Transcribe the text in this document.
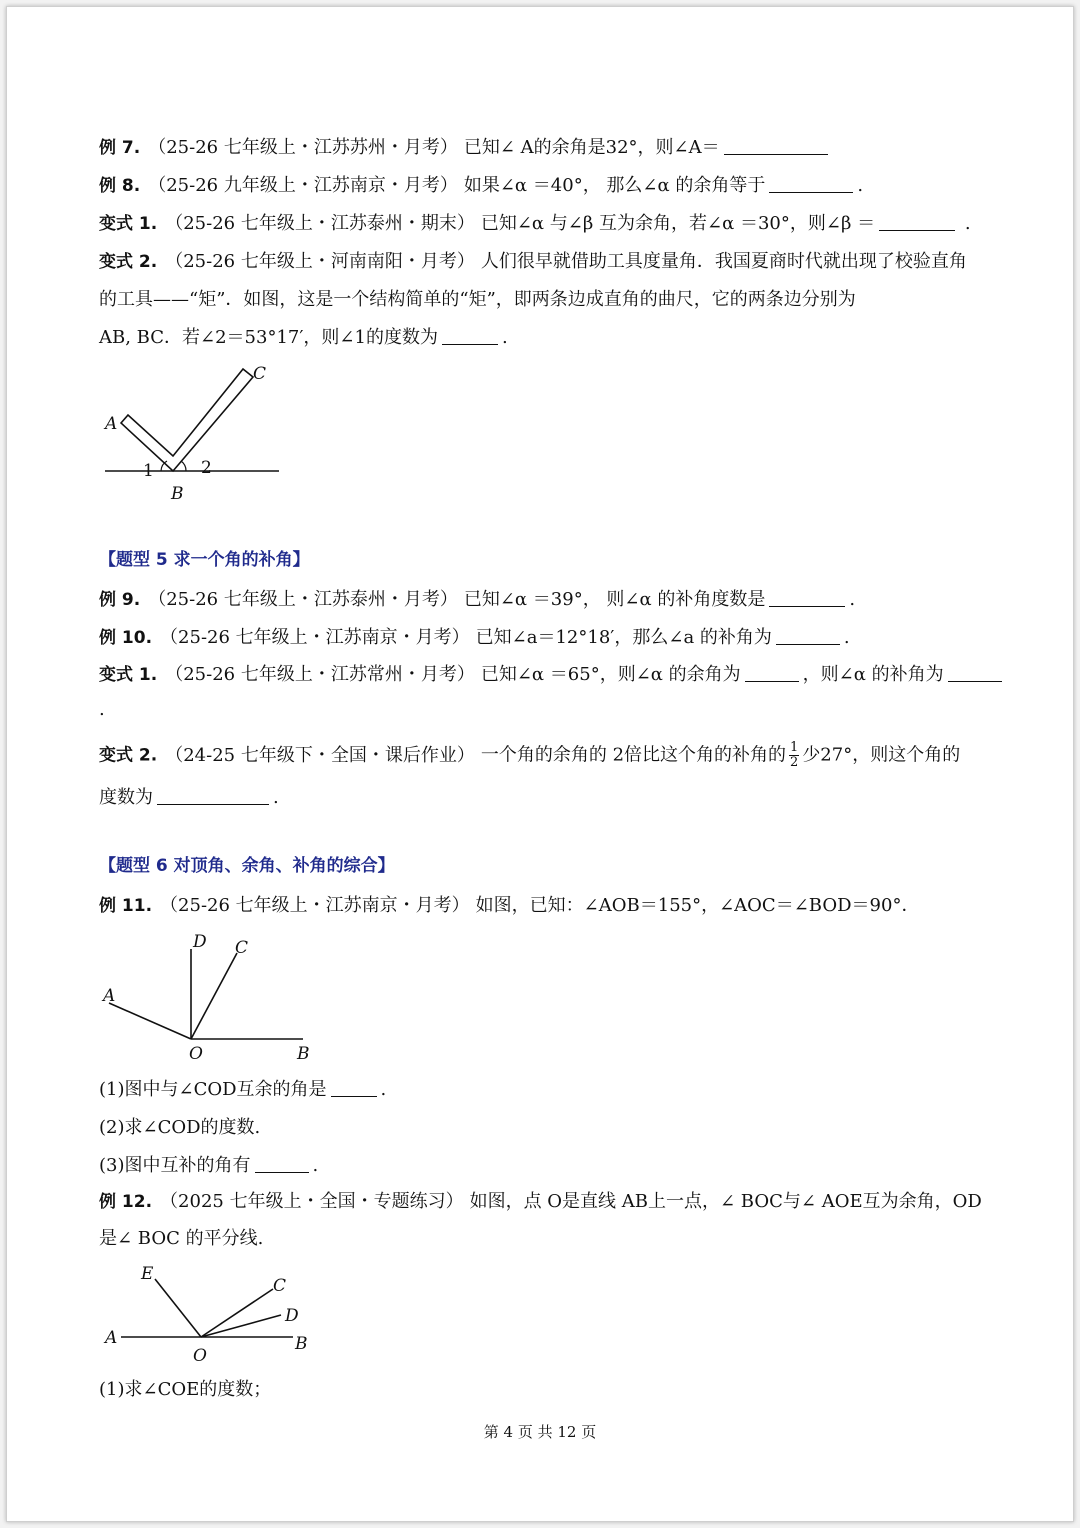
例 7. （25-26 七年级上・江苏苏州・月考） 已知∠ A的余角是32°，则∠A＝
例 8. （25-26 九年级上・江苏南京・月考） 如果∠α ＝40°， 那么∠α 的余角等于	.
变式 1. （25-26 七年级上・江苏泰州・期末） 已知∠α 与∠β 互为余角，若∠α ＝30°，则∠β ＝	.
变式 2. （25-26 七年级上・河南南阳・月考） 人们很早就借助工具度量角．我国夏商时代就出现了校验直角
的工具——“矩”．如图，这是一个结构简单的“矩”，即两条边成直角的曲尺，它的两条边分别为
AB, BC．若∠2＝53°17′，则∠1的度数为	.
A
C
B
1	2
【题型 5 求一个角的补角】
例 9. （25-26 七年级上・江苏泰州・月考） 已知∠α ＝39°， 则∠α 的补角度数是	.
例 10. （25-26 七年级上・江苏南京・月考） 已知∠a＝12°18′，那么∠a 的补角为	.
变式 1. （25-26 七年级上・江苏常州・月考） 已知∠α ＝65°，则∠α 的余角为	，则∠α 的补角为
.
变式 2. （24-25 七年级下・全国・课后作业） 一个角的余角的 2倍比这个角的补角的 $\frac{1}{2}$ 少27°，则这个角的
度数为	.
【题型 6 对顶角、余角、补角的综合】
例 11. （25-26 七年级上・江苏南京・月考） 如图，已知：∠AOB＝155°，∠AOC＝∠BOD＝90°．
A
D C
O	B
(1)图中与∠COD互余的角是	.
(2)求∠COD的度数.
(3)图中互补的角有	.
例 12. （2025 七年级上・全国・专题练习） 如图，点 O是直线 AB上一点，∠ BOC与∠ AOE互为余角，OD
是∠ BOC 的平分线.
A
E
C
D
B
O
(1)求∠COE的度数；
第 4 页 共 12 页
